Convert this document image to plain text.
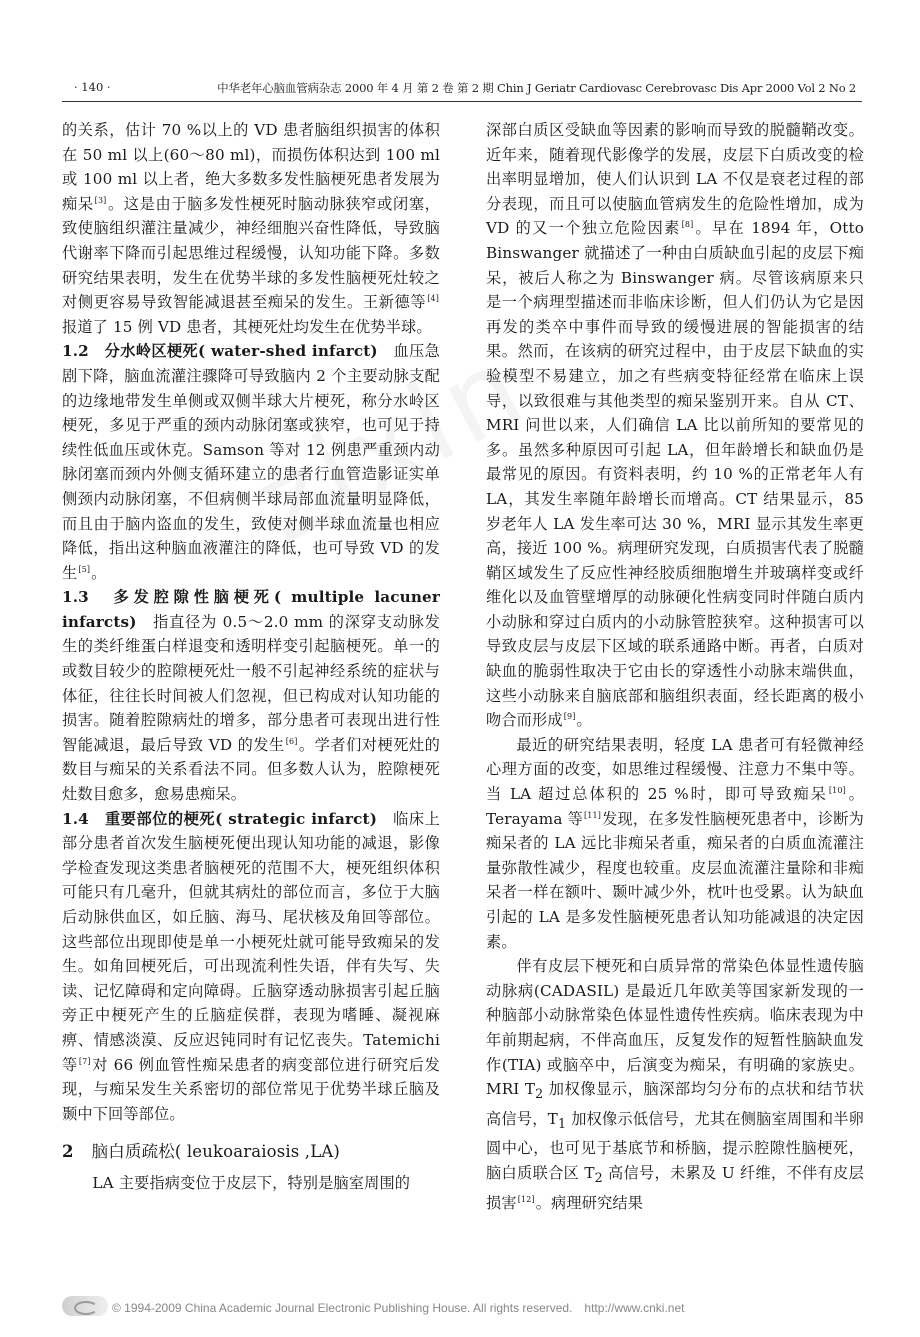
· 140 ·	中华老年心脑血管病杂志 2000 年 4 月 第 2 卷 第 2 期 Chin J Geriatr Cardiovasc Cerebrovasc Dis Apr 2000 Vol 2 No 2

的关系，估计 70 %以上的 VD 患者脑组织损害的体积在 50 ml 以上(60～80 ml)，而损伤体积达到 100 ml 或 100 ml 以上者，绝大多数多发性脑梗死患者发展为痴呆[3]。这是由于脑多发性梗死时脑动脉狭窄或闭塞，致使脑组织灌注量减少，神经细胞兴奋性降低，导致脑代谢率下降而引起思维过程缓慢，认知功能下降。多数研究结果表明，发生在优势半球的多发性脑梗死灶较之对侧更容易导致智能减退甚至痴呆的发生。王新德等[4]报道了 15 例 VD 患者，其梗死灶均发生在优势半球。

1.2　分水岭区梗死( water-shed infarct)　血压急剧下降，脑血流灌注骤降可导致脑内 2 个主要动脉支配的边缘地带发生单侧或双侧半球大片梗死，称分水岭区梗死，多见于严重的颈内动脉闭塞或狭窄，也可见于持续性低血压或休克。Samson 等对 12 例患严重颈内动脉闭塞而颈内外侧支循环建立的患者行血管造影证实单侧颈内动脉闭塞，不但病侧半球局部血流量明显降低，而且由于脑内盗血的发生，致使对侧半球血流量也相应降低，指出这种脑血液灌注的降低，也可导致 VD 的发生[5]。

1.3　多发腔隙性脑梗死( multiple lacuner infarcts)　指直径为 0.5～2.0 mm 的深穿支动脉发生的类纤维蛋白样退变和透明样变引起脑梗死。单一的或数目较少的腔隙梗死灶一般不引起神经系统的症状与体征，往往长时间被人们忽视，但已构成对认知功能的损害。随着腔隙病灶的增多，部分患者可表现出进行性智能减退，最后导致 VD 的发生[6]。学者们对梗死灶的数目与痴呆的关系看法不同。但多数人认为，腔隙梗死灶数目愈多，愈易患痴呆。

1.4　重要部位的梗死( strategic infarct)　临床上部分患者首次发生脑梗死便出现认知功能的减退，影像学检查发现这类患者脑梗死的范围不大，梗死组织体积可能只有几毫升，但就其病灶的部位而言，多位于大脑后动脉供血区，如丘脑、海马、尾状核及角回等部位。这些部位出现即使是单一小梗死灶就可能导致痴呆的发生。如角回梗死后，可出现流利性失语，伴有失写、失读、记忆障碍和定向障碍。丘脑穿透动脉损害引起丘脑旁正中梗死产生的丘脑症侯群，表现为嗜睡、凝视麻痹、情感淡漠、反应迟钝同时有记忆丧失。Tatemichi 等[7]对 66 例血管性痴呆患者的病变部位进行研究后发现，与痴呆发生关系密切的部位常见于优势半球丘脑及颞中下回等部位。

2 脑白质疏松( leukoaraiosis ,LA)

LA 主要指病变位于皮层下，特别是脑室周围的

深部白质区受缺血等因素的影响而导致的脱髓鞘改变。近年来，随着现代影像学的发展，皮层下白质改变的检出率明显增加，使人们认识到 LA 不仅是衰老过程的部分表现，而且可以使脑血管病发生的危险性增加，成为 VD 的又一个独立危险因素[8]。早在 1894 年，Otto Binswanger 就描述了一种由白质缺血引起的皮层下痴呆，被后人称之为 Binswanger 病。尽管该病原来只是一个病理型描述而非临床诊断，但人们仍认为它是因再发的类卒中事件而导致的缓慢进展的智能损害的结果。然而，在该病的研究过程中，由于皮层下缺血的实验模型不易建立，加之有些病变特征经常在临床上误导，以致很难与其他类型的痴呆鉴别开来。自从 CT、MRI 问世以来，人们确信 LA 比以前所知的要常见的多。虽然多种原因可引起 LA，但年龄增长和缺血仍是最常见的原因。有资料表明，约 10 %的正常老年人有 LA，其发生率随年龄增长而增高。CT 结果显示，85 岁老年人 LA 发生率可达 30 %，MRI 显示其发生率更高，接近 100 %。病理研究发现，白质损害代表了脱髓鞘区域发生了反应性神经胶质细胞增生并玻璃样变或纤维化以及血管壁增厚的动脉硬化性病变同时伴随白质内小动脉和穿过白质内的小动脉管腔狭窄。这种损害可以导致皮层与皮层下区域的联系通路中断。再者，白质对缺血的脆弱性取决于它由长的穿透性小动脉末端供血，这些小动脉来自脑底部和脑组织表面，经长距离的极小吻合而形成[9]。

最近的研究结果表明，轻度 LA 患者可有轻微神经心理方面的改变，如思维过程缓慢、注意力不集中等。当 LA 超过总体积的 25 %时，即可导致痴呆[10]。Terayama 等[11]发现，在多发性脑梗死患者中，诊断为痴呆者的 LA 远比非痴呆者重，痴呆者的白质血流灌注量弥散性减少，程度也较重。皮层血流灌注量除和非痴呆者一样在额叶、颞叶减少外，枕叶也受累。认为缺血引起的 LA 是多发性脑梗死患者认知功能减退的决定因素。

伴有皮层下梗死和白质异常的常染色体显性遗传脑动脉病(CADASIL) 是最近几年欧美等国家新发现的一种脑部小动脉常染色体显性遗传性疾病。临床表现为中年前期起病，不伴高血压，反复发作的短暂性脑缺血发作(TIA) 或脑卒中，后演变为痴呆，有明确的家族史。MRI $T_2$ 加权像显示，脑深部均匀分布的点状和结节状高信号，$T_1$ 加权像示低信号，尤其在侧脑室周围和半卵圆中心，也可见于基底节和桥脑，提示腔隙性脑梗死，脑白质联合区 $T_2$ 高信号，未累及 U 纤维，不伴有皮层损害[12]。病理研究结果

© 1994-2009 China Academic Journal Electronic Publishing House. All rights reserved.　http://www.cnki.net
